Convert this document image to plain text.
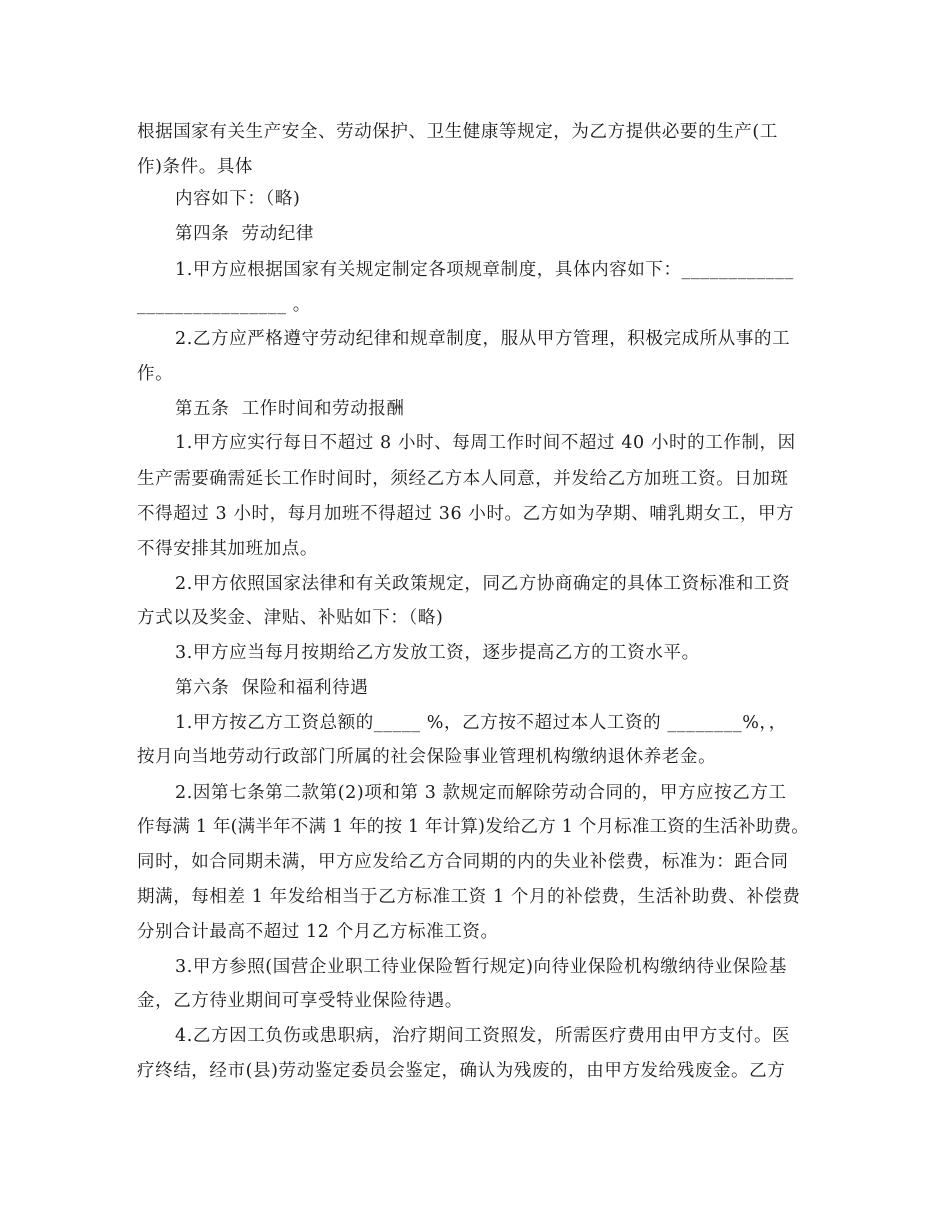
根据国家有关生产安全、劳动保护、卫生健康等规定，为乙方提供必要的生产(工
作)条件。具体
内容如下：（略)
第四条  劳动纪律
1.甲方应根据国家有关规定制定各项规章制度，具体内容如下：____________
________________ 。
2.乙方应严格遵守劳动纪律和规章制度，服从甲方管理，积极完成所从事的工
作。
第五条  工作时间和劳动报酬
1.甲方应实行每日不超过 8 小时、每周工作时间不超过 40 小时的工作制，因
生产需要确需延长工作时间时，须经乙方本人同意，并发给乙方加班工资。日加斑
不得超过 3 小时，每月加班不得超过 36 小时。乙方如为孕期、哺乳期女工，甲方
不得安排其加班加点。
2.甲方依照国家法律和有关政策规定，同乙方协商确定的具体工资标准和工资
方式以及奖金、津贴、补贴如下：（略)
3.甲方应当每月按期给乙方发放工资，逐步提高乙方的工资水平。
第六条  保险和福利待遇
1.甲方按乙方工资总额的_____ %，乙方按不超过本人工资的 ________%，，
按月向当地劳动行政部门所属的社会保险事业管理机构缴纳退休养老金。
2.因第七条第二款第(2)项和第 3 款规定而解除劳动合同的，甲方应按乙方工
作每满 1 年(满半年不满 1 年的按 1 年计算)发给乙方 1 个月标准工资的生活补助费。
同时，如合同期未满，甲方应发给乙方合同期的内的失业补偿费，标准为：距合同
期满，每相差 1 年发给相当于乙方标准工资 1 个月的补偿费，生活补助费、补偿费
分别合计最高不超过 12 个月乙方标准工资。
3.甲方参照(国营企业职工待业保险暂行规定)向待业保险机构缴纳待业保险基
金，乙方待业期间可享受特业保险待遇。
4.乙方因工负伤或患职病，治疗期间工资照发，所需医疗费用由甲方支付。医
疗终结，经市(县)劳动鉴定委员会鉴定，确认为残废的，由甲方发给残废金。乙方
